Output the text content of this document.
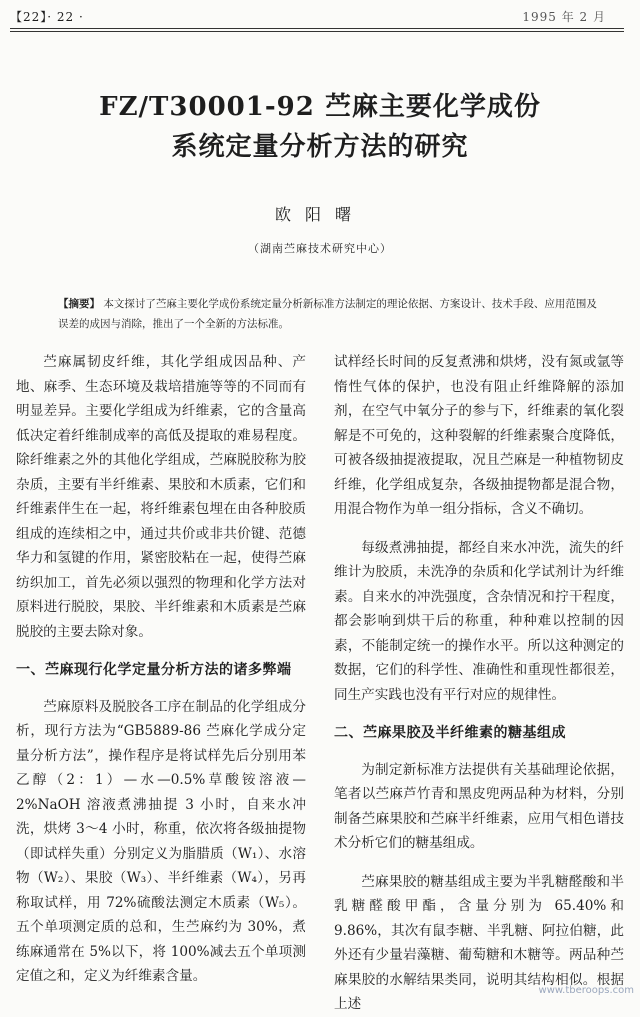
【22】· 22 ·	1995 年 2 月
FZ/T30001-92 苎麻主要化学成份
系统定量分析方法的研究
欧阳曙
（湖南苎麻技术研究中心）
【摘要】 本文探讨了苎麻主要化学成份系统定量分析新标准方法制定的理论依据、方案设计、技术手段、应用范围及误差的成因与消除，推出了一个全新的方法标准。

苎麻属韧皮纤维，其化学组成因品种、产地、麻季、生态环境及栽培措施等等的不同而有明显差异。主要化学组成为纤维素，它的含量高低决定着纤维制成率的高低及提取的难易程度。除纤维素之外的其他化学组成，苎麻脱胶称为胶杂质，主要有半纤维素、果胶和木质素，它们和纤维素伴生在一起，将纤维素包埋在由各种胶质组成的连续相之中，通过共价或非共价键、范德华力和氢键的作用，紧密胶粘在一起，使得苎麻纺织加工，首先必须以强烈的物理和化学方法对原料进行脱胶，果胶、半纤维素和木质素是苎麻脱胶的主要去除对象。

一、苎麻现行化学定量分析方法的诸多弊端

苎麻原料及脱胶各工序在制品的化学组成分析，现行方法为“GB5889-86 苎麻化学成分定量分析方法”，操作程序是将试样先后分别用苯乙醇（2：1）—水—0.5%草酸铵溶液—2%NaOH 溶液煮沸抽提 3 小时，自来水冲洗，烘烤 3～4 小时，称重，依次将各级抽提物（即试样失重）分别定义为脂腊质（W₁）、水溶物（W₂）、果胶（W₃）、半纤维素（W₄），另再称取试样，用 72%硫酸法测定木质素（W₅）。五个单项测定质的总和，生苎麻约为 30%，煮练麻通常在 5%以下，将 100%减去五个单项测定值之和，定义为纤维素含量。

试样经长时间的反复煮沸和烘烤，没有氮或氩等惰性气体的保护，也没有阻止纤维降解的添加剂，在空气中氧分子的参与下，纤维素的氧化裂解是不可免的，这种裂解的纤维素聚合度降低，可被各级抽提液提取，况且苎麻是一种植物韧皮纤维，化学组成复杂，各级抽提物都是混合物，用混合物作为单一组分指标，含义不确切。

每级煮沸抽提，都经自来水冲洗，流失的纤维计为胶质，未洗净的杂质和化学试剂计为纤维素。自来水的冲洗强度，含杂情况和拧干程度，都会影响到烘干后的称重，种种难以控制的因素，不能制定统一的操作水平。所以这种测定的数据，它们的科学性、准确性和重现性都很差，同生产实践也没有平行对应的规律性。

二、苎麻果胶及半纤维素的糖基组成

为制定新标准方法提供有关基础理论依据，笔者以苎麻芦竹青和黑皮兜两品种为材料，分别制备苎麻果胶和苎麻半纤维素，应用气相色谱技术分析它们的糖基组成。

苎麻果胶的糖基组成主要为半乳糖醛酸和半乳糖醛酸甲酯，含量分别为 65.40%和 9.86%，其次有鼠李糖、半乳糖、阿拉伯糖，此外还有少量岩藻糖、葡萄糖和木糖等。两品种苎麻果胶的水解结果类同，说明其结构相似。根据上述

www.tberoops.com
